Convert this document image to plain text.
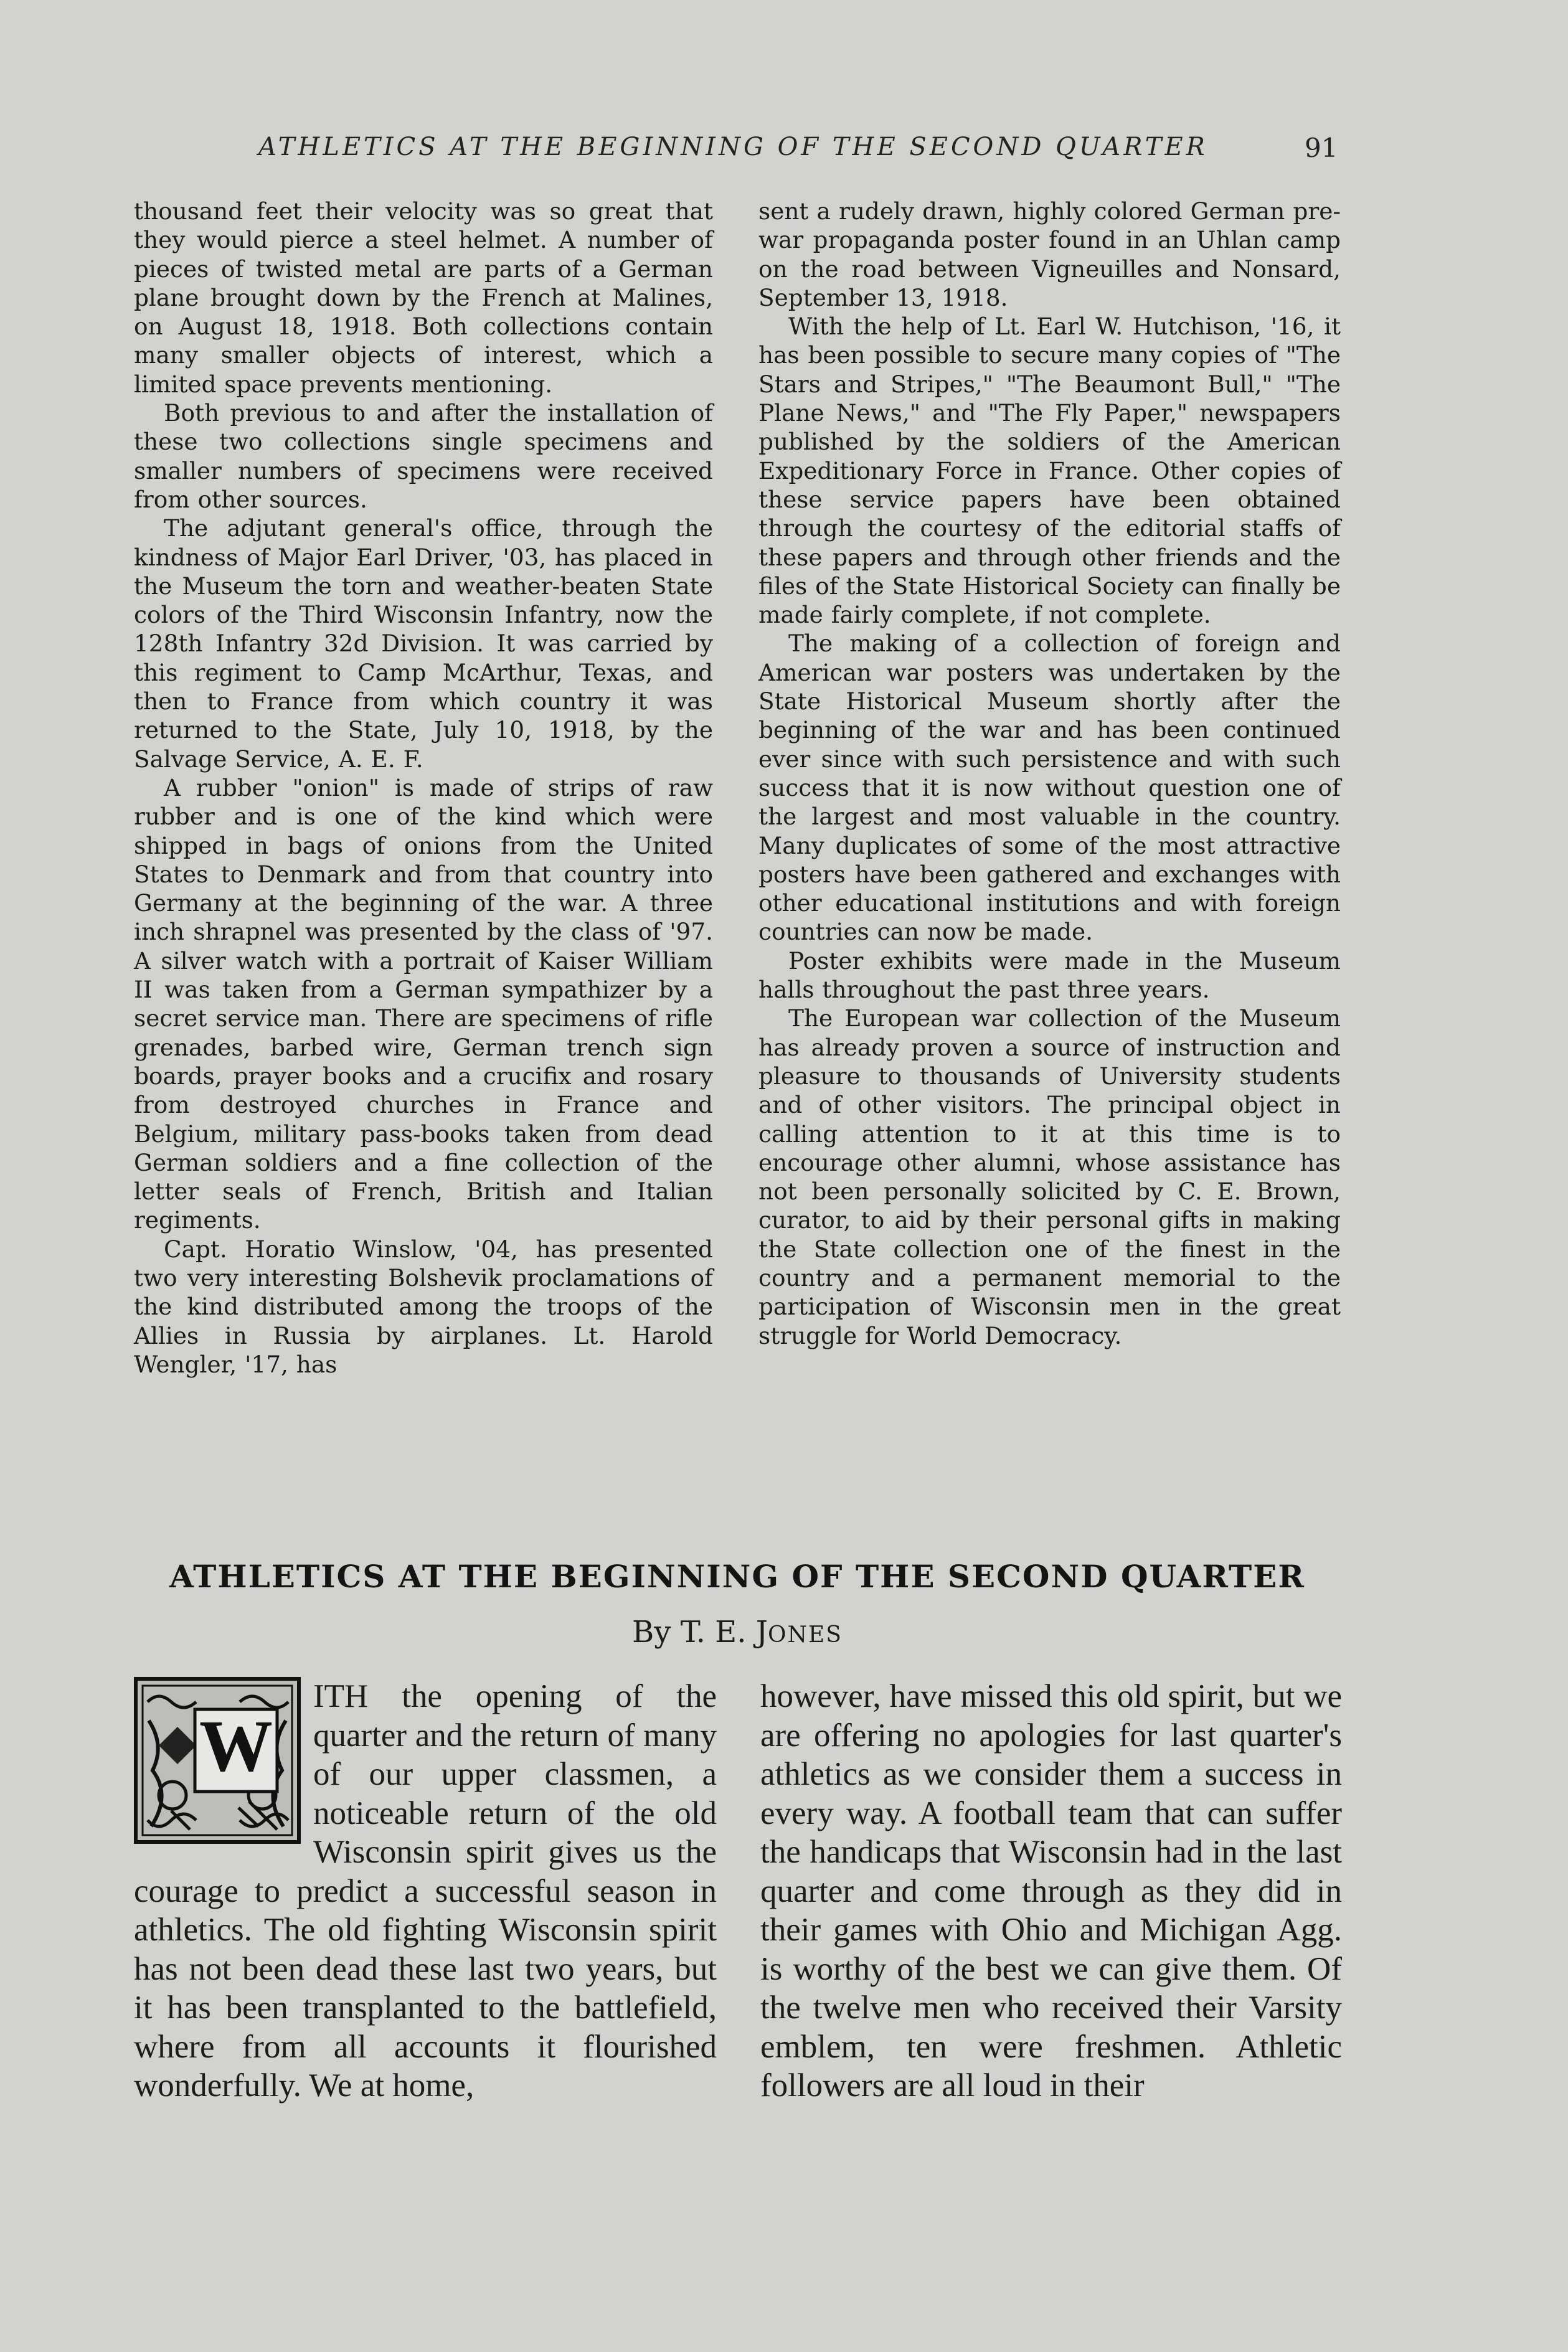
ATHLETICS AT THE BEGINNING OF THE SECOND QUARTER	91

thousand feet their velocity was so great that they would pierce a steel helmet. A number of pieces of twisted metal are parts of a German plane brought down by the French at Malines, on August 18, 1918. Both collections contain many smaller objects of interest, which a limited space prevents mentioning.

Both previous to and after the installation of these two collections single specimens and smaller numbers of specimens were received from other sources.

The adjutant general's office, through the kindness of Major Earl Driver, '03, has placed in the Museum the torn and weather-beaten State colors of the Third Wisconsin Infantry, now the 128th Infantry 32d Division. It was carried by this regiment to Camp McArthur, Texas, and then to France from which country it was returned to the State, July 10, 1918, by the Salvage Service, A. E. F.

A rubber "onion" is made of strips of raw rubber and is one of the kind which were shipped in bags of onions from the United States to Denmark and from that country into Germany at the beginning of the war. A three inch shrapnel was presented by the class of '97. A silver watch with a portrait of Kaiser William II was taken from a German sympathizer by a secret service man. There are specimens of rifle grenades, barbed wire, German trench sign boards, prayer books and a crucifix and rosary from destroyed churches in France and Belgium, military pass-books taken from dead German soldiers and a fine collection of the letter seals of French, British and Italian regiments.

Capt. Horatio Winslow, '04, has presented two very interesting Bolshevik proclamations of the kind distributed among the troops of the Allies in Russia by airplanes. Lt. Harold Wengler, '17, has

sent a rudely drawn, highly colored German pre-war propaganda poster found in an Uhlan camp on the road between Vigneuilles and Nonsard, September 13, 1918.

With the help of Lt. Earl W. Hutchison, '16, it has been possible to secure many copies of "The Stars and Stripes," "The Beaumont Bull," "The Plane News," and "The Fly Paper," newspapers published by the soldiers of the American Expeditionary Force in France. Other copies of these service papers have been obtained through the courtesy of the editorial staffs of these papers and through other friends and the files of the State Historical Society can finally be made fairly complete, if not complete.

The making of a collection of foreign and American war posters was undertaken by the State Historical Museum shortly after the beginning of the war and has been continued ever since with such persistence and with such success that it is now without question one of the largest and most valuable in the country. Many duplicates of some of the most attractive posters have been gathered and exchanges with other educational institutions and with foreign countries can now be made.

Poster exhibits were made in the Museum halls throughout the past three years.

The European war collection of the Museum has already proven a source of instruction and pleasure to thousands of University students and of other visitors. The principal object in calling attention to it at this time is to encourage other alumni, whose assistance has not been personally solicited by C. E. Brown, curator, to aid by their personal gifts in making the State collection one of the finest in the country and a permanent memorial to the participation of Wisconsin men in the great struggle for World Democracy.

ATHLETICS AT THE BEGINNING OF THE SECOND QUARTER
By T. E. JONES
W

ITH the opening of the quarter and the return of many of our upper classmen, a noticeable return of the old Wisconsin spirit gives us the courage to predict a successful season in athletics. The old fighting Wisconsin spirit has not been dead these last two years, but it has been transplanted to the battlefield, where from all accounts it flourished wonderfully. We at home,

however, have missed this old spirit, but we are offering no apologies for last quarter's athletics as we consider them a success in every way. A football team that can suffer the handicaps that Wisconsin had in the last quarter and come through as they did in their games with Ohio and Michigan Agg. is worthy of the best we can give them. Of the twelve men who received their Varsity emblem, ten were freshmen. Athletic followers are all loud in their
